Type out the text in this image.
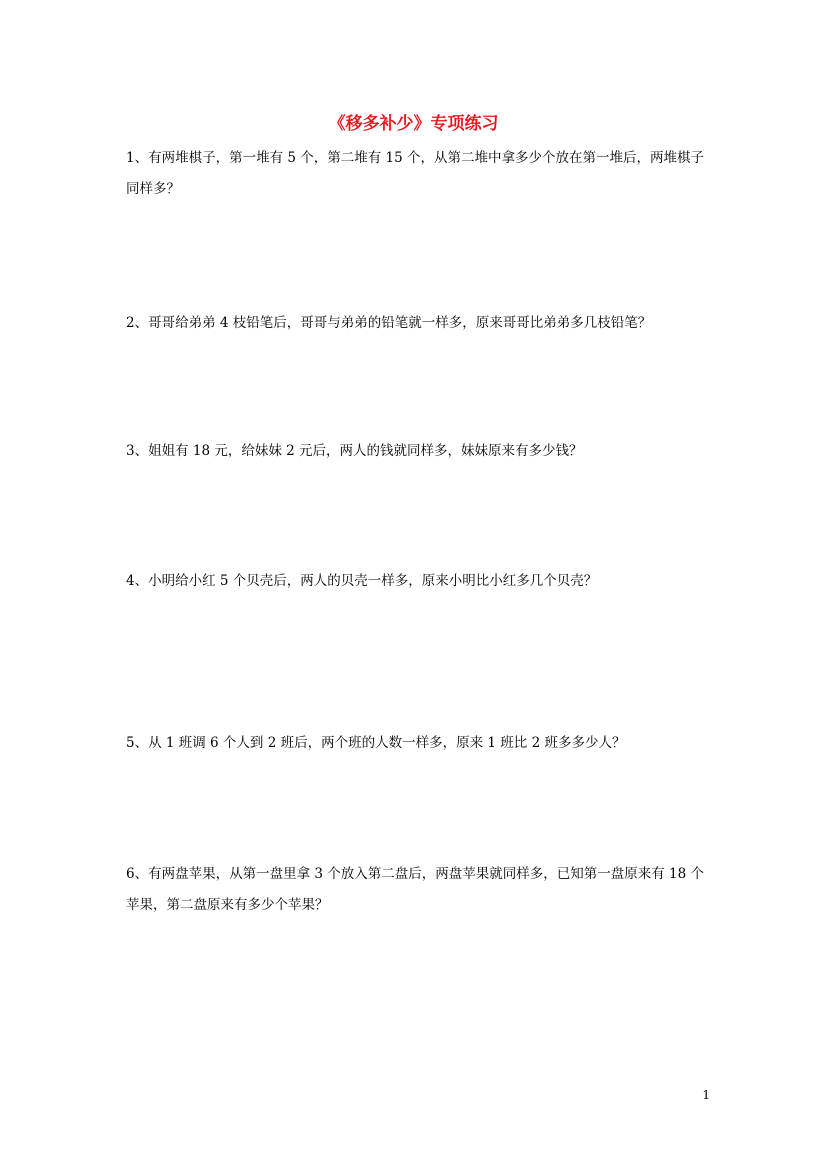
《移多补少》专项练习

1、有两堆棋子，第一堆有 5 个，第二堆有 15 个，从第二堆中拿多少个放在第一堆后，两堆棋子同样多？

2、哥哥给弟弟 4 枝铅笔后，哥哥与弟弟的铅笔就一样多，原来哥哥比弟弟多几枝铅笔？

3、姐姐有 18 元，给妹妹 2 元后，两人的钱就同样多，妹妹原来有多少钱？

4、小明给小红 5 个贝壳后，两人的贝壳一样多，原来小明比小红多几个贝壳？

5、从 1 班调 6 个人到 2 班后，两个班的人数一样多，原来 1 班比 2 班多多少人？

6、有两盘苹果，从第一盘里拿 3 个放入第二盘后，两盘苹果就同样多，已知第一盘原来有 18 个苹果，第二盘原来有多少个苹果？

1
